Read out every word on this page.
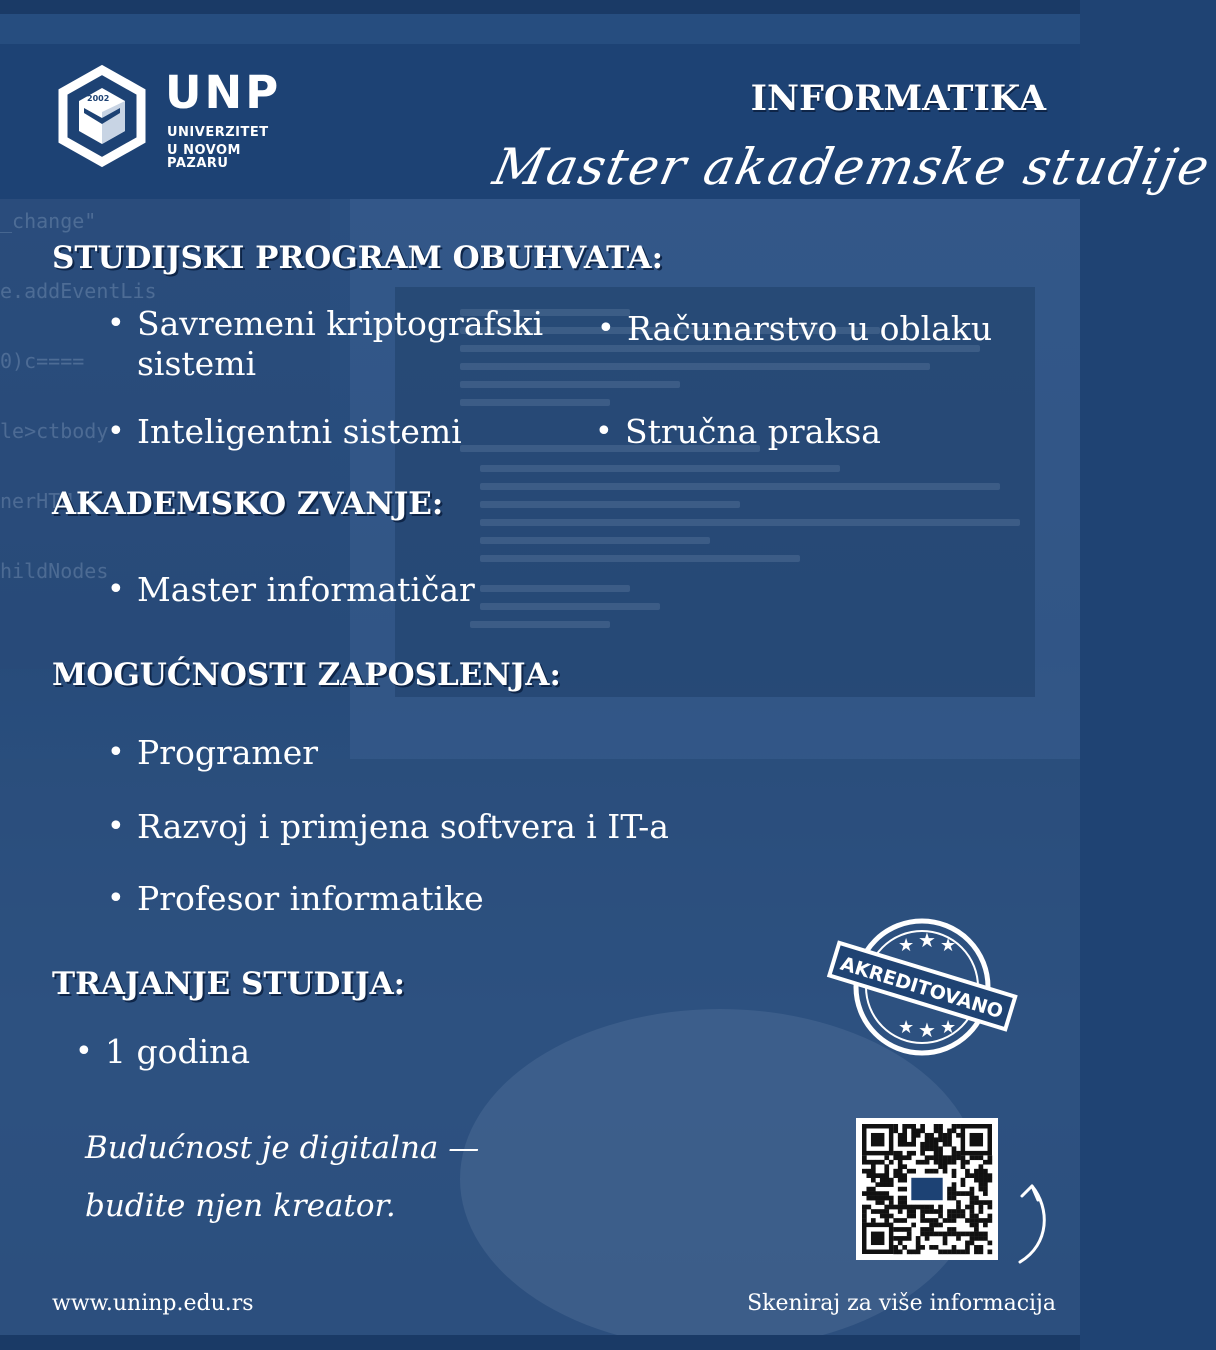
_change"
e.addEventLis
0)c====
le>ctbody
nerHTM
hildNodes
2002 UNP
UNIVERZITET
U NOVOM PAZARU
INFORMATIKA
Master akademske studije
STUDIJSKI PROGRAM OBUHVATA:
• Savremeni kriptografski
sistemi
• Računarstvo u oblaku
• Inteligentni sistemi
•	Stručna praksa
AKADEMSKO ZVANJE:
• Master informatičar
MOGUĆNOSTI ZAPOSLENJA:
• Programer
• Razvoj i primjena softvera i IT-a
• Profesor informatike
TRAJANJE STUDIJA:
• 1 godina
★ ★ ★
★ ★ ★
AKREDITOVANO
Budućnost je digitalna —
budite njen kreator.
www.uninp.edu.rs	Skeniraj za više informacija
